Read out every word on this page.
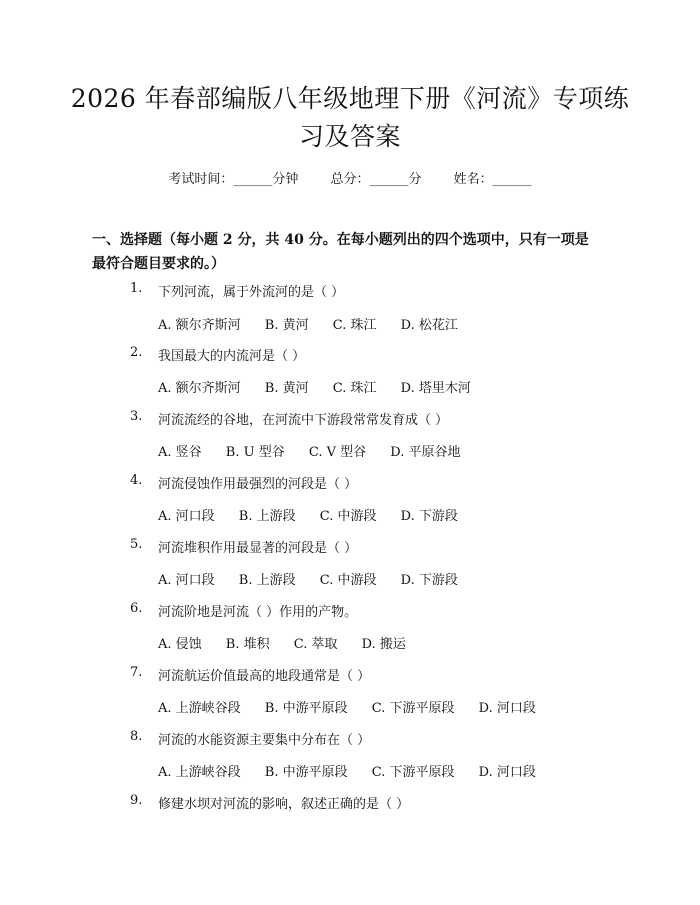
2026 年春部编版八年级地理下册《河流》专项练习及答案
考试时间：______分钟 总分：______分 姓名：______
一、选择题（每小题 2 分，共 40 分。在每小题列出的四个选项中，只有一项是最符合题目要求的。）
1. 下列河流，属于外流河的是（ ）
A. 额尔齐斯河 B. 黄河 C. 珠江 D. 松花江
2. 我国最大的内流河是（ ）
A. 额尔齐斯河 B. 黄河 C. 珠江 D. 塔里木河
3. 河流流经的谷地，在河流中下游段常常发育成（ ）
A. 竖谷 B. U 型谷 C. V 型谷 D. 平原谷地
4. 河流侵蚀作用最强烈的河段是（ ）
A. 河口段 B. 上游段 C. 中游段 D. 下游段
5. 河流堆积作用最显著的河段是（ ）
A. 河口段 B. 上游段 C. 中游段 D. 下游段
6. 河流阶地是河流（ ）作用的产物。
A. 侵蚀 B. 堆积 C. 萃取 D. 搬运
7. 河流航运价值最高的地段通常是（ ）
A. 上游峡谷段 B. 中游平原段 C. 下游平原段 D. 河口段
8. 河流的水能资源主要集中分布在（ ）
A. 上游峡谷段 B. 中游平原段 C. 下游平原段 D. 河口段
9. 修建水坝对河流的影响，叙述正确的是（ ）
